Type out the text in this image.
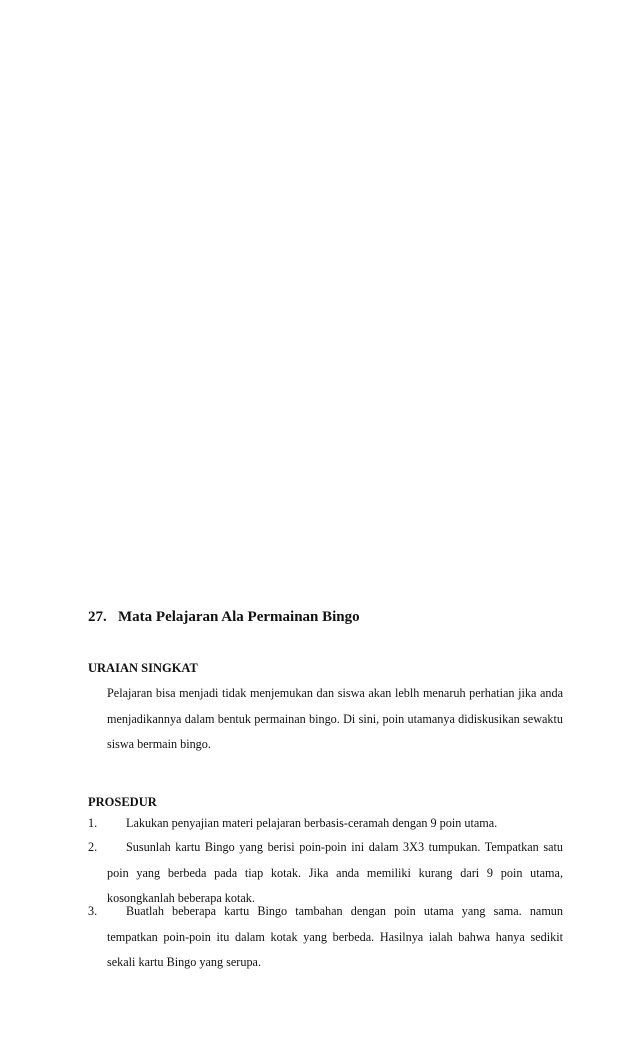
27. Mata Pelajaran Ala Permainan Bingo
URAIAN SINGKAT

Pelajaran bisa menjadi tidak menjemukan dan siswa akan leblh menaruh perhatian jika anda menjadikannya dalam bentuk permainan bingo. Di sini, poin utamanya didiskusikan sewaktu siswa bermain bingo.

PROSEDUR
1.	Lakukan penyajian materi pelajaran berbasis-ceramah dengan 9 poin utama.
2.	Susunlah kartu Bingo yang berisi poin-poin ini dalam 3X3 tumpukan. Tempatkan satu poin yang berbeda pada tiap kotak. Jika anda memiliki kurang dari 9 poin utama, kosongkanlah beberapa kotak.
3.	Buatlah beberapa kartu Bingo tambahan dengan poin utama yang sama. namun tempatkan poin-poin itu dalam kotak yang berbeda. Hasilnya ialah bahwa hanya sedikit sekali kartu Bingo yang serupa.
